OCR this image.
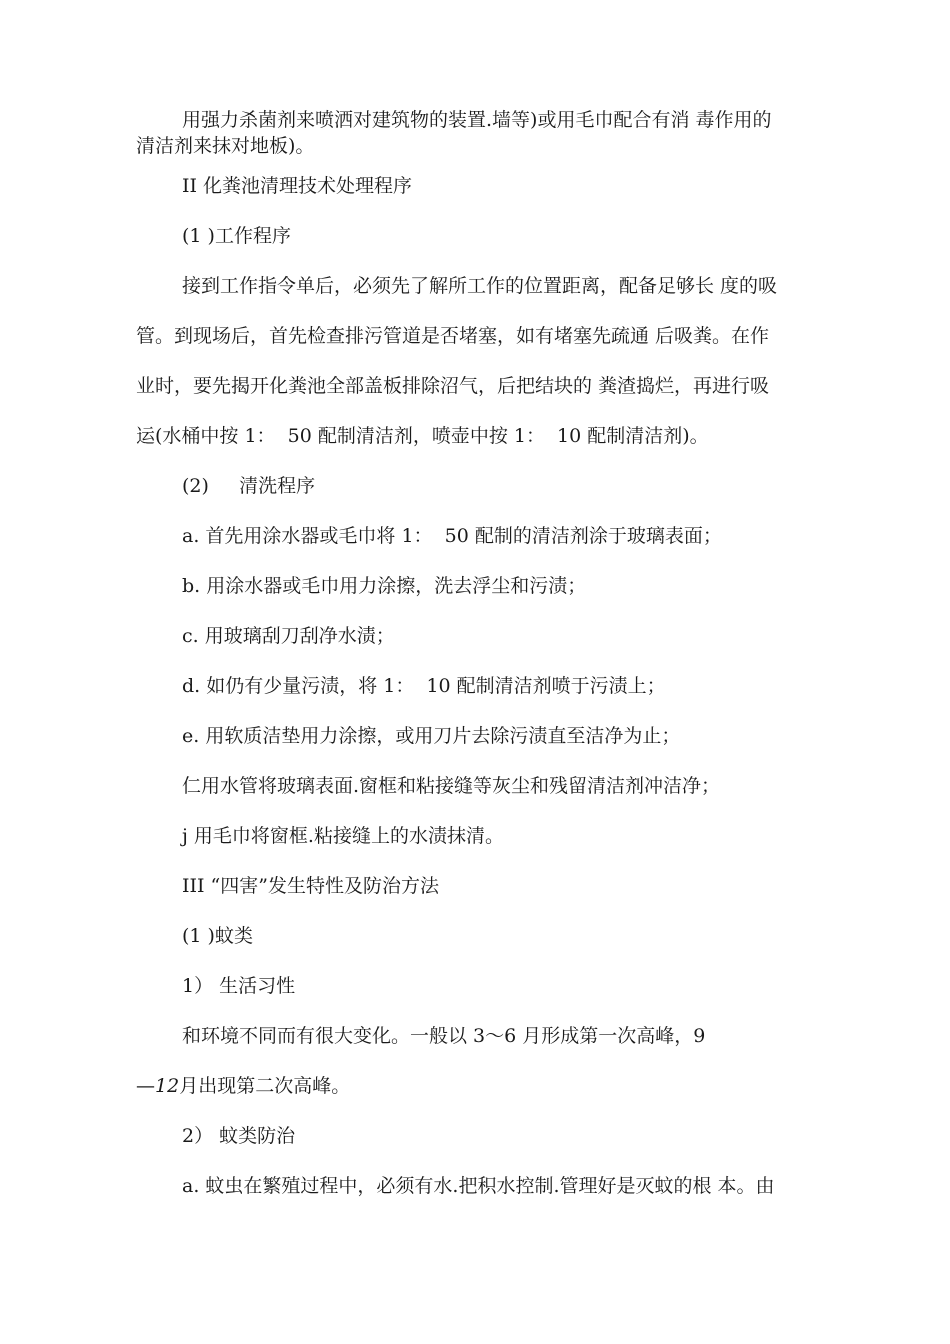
用强力杀菌剂来喷洒对建筑物的装置.墙等)或用毛巾配合有消 毒作用的

清洁剂来抹对地板)。

II 化粪池清理技术处理程序

(1 )工作程序

接到工作指令单后，必须先了解所工作的位置距离，配备足够长 度的吸

管。到现场后，首先检查排污管道是否堵塞，如有堵塞先疏通 后吸粪。在作

业时，要先揭开化粪池全部盖板排除沼气，后把结块的 粪渣捣烂，再进行吸

运(水桶中按 1：  50 配制清洁剂，喷壶中按 1：  10 配制清洁剂)。

(2)     清洗程序

a. 首先用涂水器或毛巾将 1：  50 配制的清洁剂涂于玻璃表面；

b. 用涂水器或毛巾用力涂擦，洗去浮尘和污渍；

c. 用玻璃刮刀刮净水渍；

d. 如仍有少量污渍，将 1：  10 配制清洁剂喷于污渍上；

e. 用软质洁垫用力涂擦，或用刀片去除污渍直至洁净为止；

仁用水管将玻璃表面.窗框和粘接缝等灰尘和残留清洁剂冲洁净；

j 用毛巾将窗框.粘接缝上的水渍抹清。

III “四害”发生特性及防治方法

(1 )蚊类

1） 生活习性

和环境不同而有很大变化。一般以 3〜6 月形成第一次高峰，9

—12月出现第二次高峰。

2） 蚊类防治

a. 蚊虫在繁殖过程中，必须有水.把积水控制.管理好是灭蚊的根 本。由
